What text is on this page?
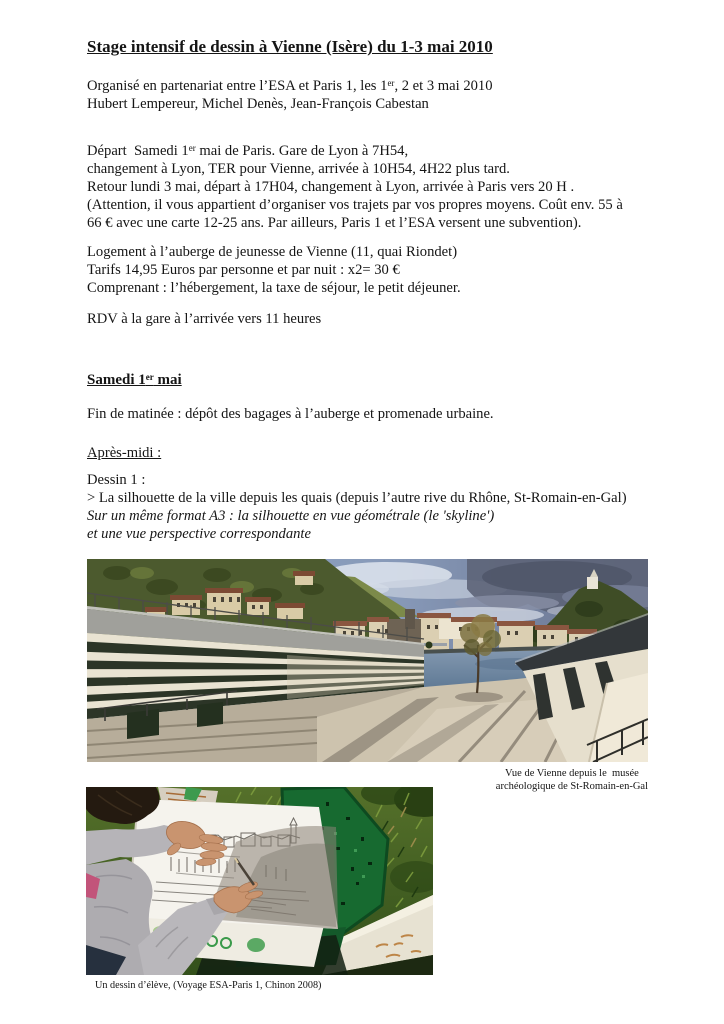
Stage intensif de dessin à Vienne (Isère) du 1-3 mai 2010
Organisé en partenariat entre l’ESA et Paris 1, les 1er, 2 et 3 mai 2010
Hubert Lempereur, Michel Denès, Jean-François Cabestan
Départ  Samedi 1er mai de Paris. Gare de Lyon à 7H54,
changement à Lyon, TER pour Vienne, arrivée à 10H54, 4H22 plus tard.
Retour lundi 3 mai, départ à 17H04, changement à Lyon, arrivée à Paris vers 20 H .
(Attention, il vous appartient d’organiser vos trajets par vos propres moyens. Coût env. 55 à
66 € avec une carte 12-25 ans. Par ailleurs, Paris 1 et l’ESA versent une subvention).
Logement à l’auberge de jeunesse de Vienne (11, quai Riondet)
Tarifs 14,95 Euros par personne et par nuit : x2= 30 €
Comprenant : l’hébergement, la taxe de séjour, le petit déjeuner.
RDV à la gare à l’arrivée vers 11 heures
Samedi 1er mai
Fin de matinée : dépôt des bagages à l’auberge et promenade urbaine.
Après-midi :
Dessin 1 :
> La silhouette de la ville depuis les quais (depuis l’autre rive du Rhône, St-Romain-en-Gal)
Sur un même format A3 : la silhouette en vue géométrale (le 'skyline')
et une vue perspective correspondante
Vue de Vienne depuis le  musée
archéologique de St-Romain-en-Gal
Un dessin d’élève, (Voyage ESA-Paris 1, Chinon 2008)
